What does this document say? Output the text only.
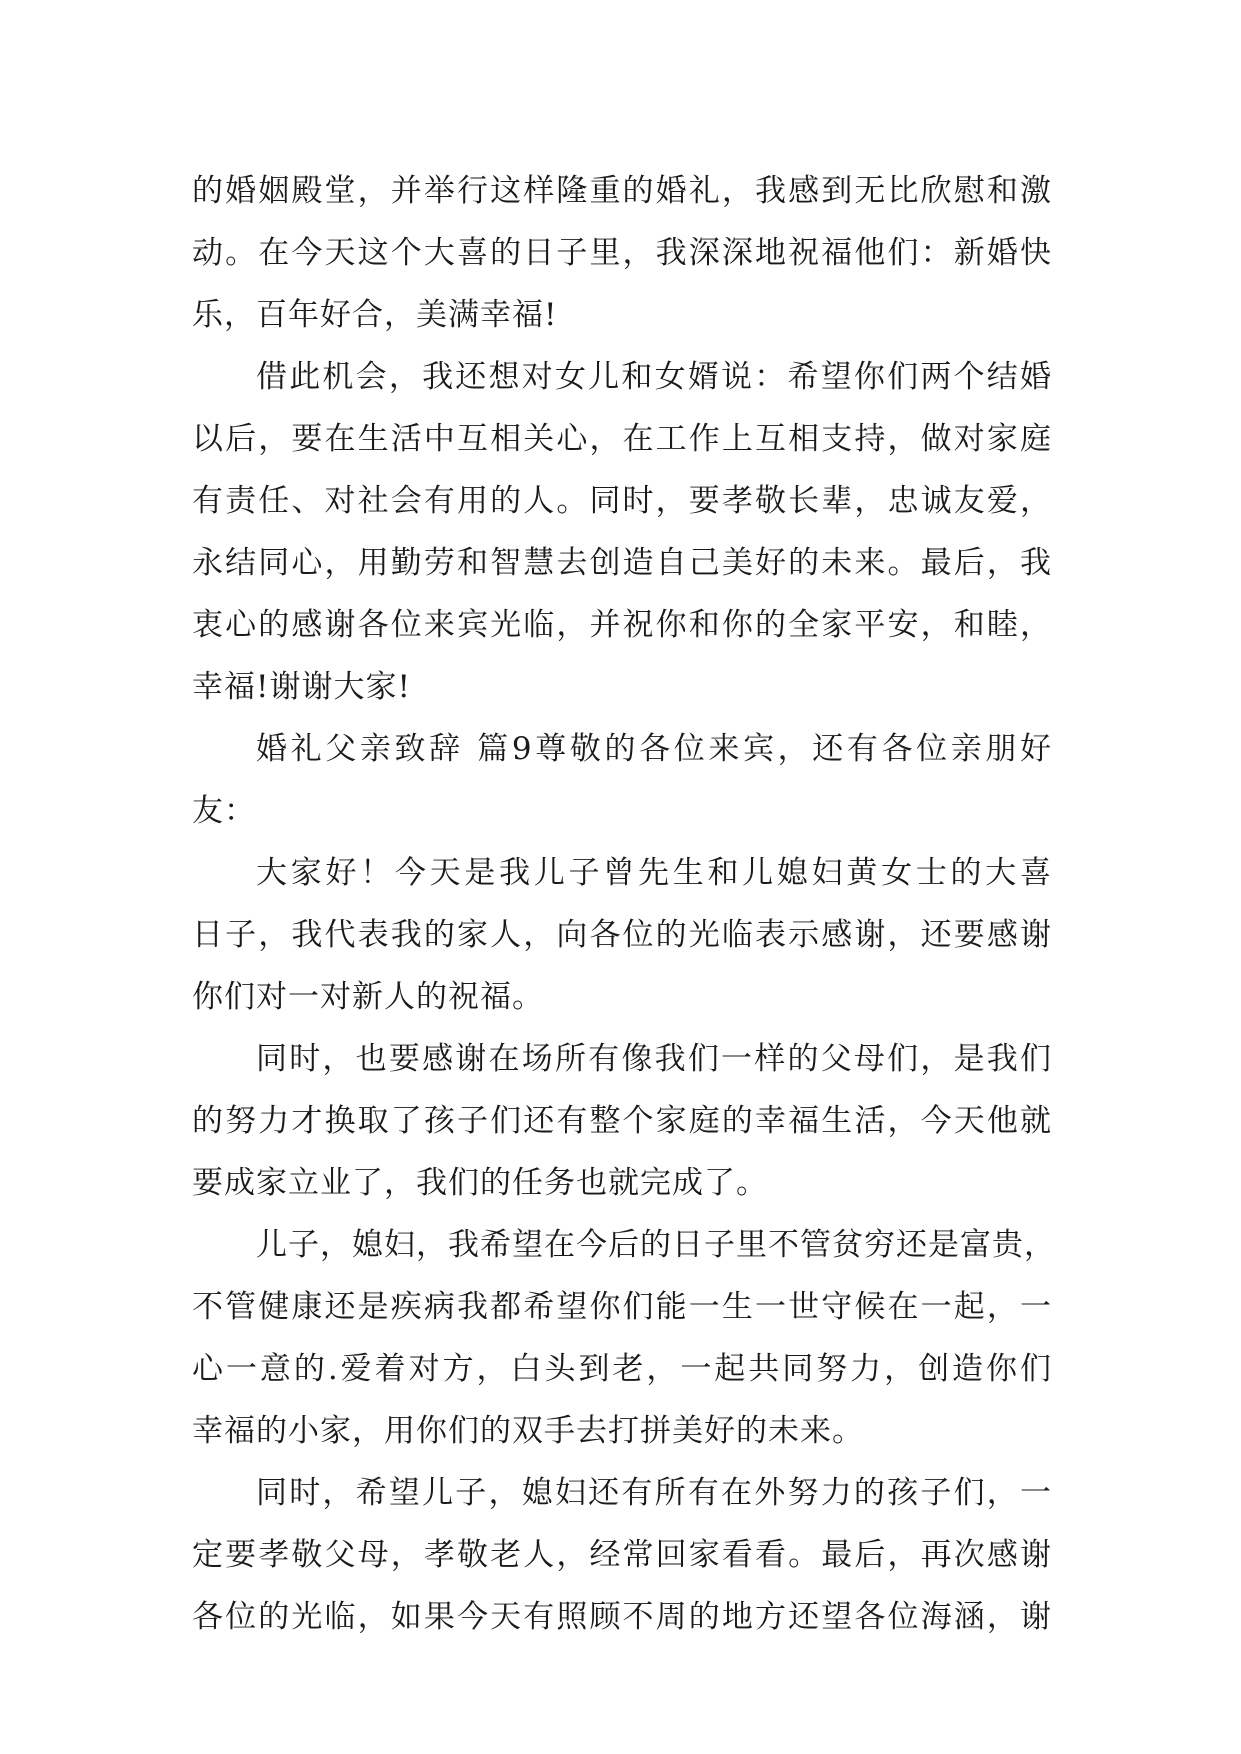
的婚姻殿堂，并举行这样隆重的婚礼，我感到无比欣慰和激
动。在今天这个大喜的日子里，我深深地祝福他们：新婚快
乐，百年好合，美满幸福!
借此机会，我还想对女儿和女婿说：希望你们两个结婚
以后，要在生活中互相关心，在工作上互相支持，做对家庭
有责任、对社会有用的人。同时，要孝敬长辈，忠诚友爱，
永结同心，用勤劳和智慧去创造自己美好的未来。最后，我
衷心的感谢各位来宾光临，并祝你和你的全家平安，和睦，
幸福!谢谢大家!
婚礼父亲致辞 篇9尊敬的各位来宾，还有各位亲朋好
友：
大家好！今天是我儿子曾先生和儿媳妇黄女士的大喜
日子，我代表我的家人，向各位的光临表示感谢，还要感谢
你们对一对新人的祝福。
同时，也要感谢在场所有像我们一样的父母们，是我们
的努力才换取了孩子们还有整个家庭的幸福生活，今天他就
要成家立业了，我们的任务也就完成了。
儿子，媳妇，我希望在今后的日子里不管贫穷还是富贵，
不管健康还是疾病我都希望你们能一生一世守候在一起，一
心一意的.爱着对方，白头到老，一起共同努力，创造你们
幸福的小家，用你们的双手去打拼美好的未来。
同时，希望儿子，媳妇还有所有在外努力的孩子们，一
定要孝敬父母，孝敬老人，经常回家看看。最后，再次感谢
各位的光临，如果今天有照顾不周的地方还望各位海涵，谢
